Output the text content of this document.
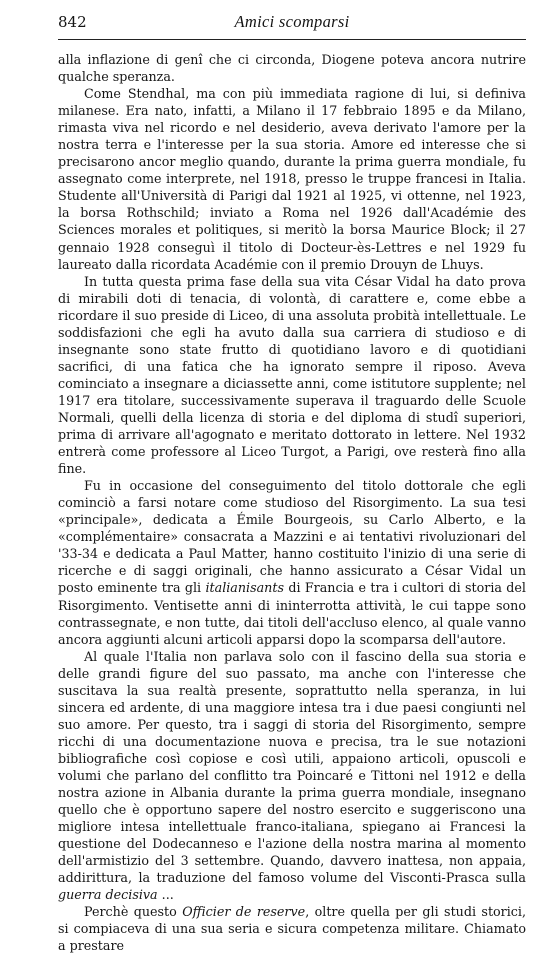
842	Amici scomparsi

alla inflazione di genî che ci circonda, Diogene poteva ancora nutrire qualche speranza.

Come Stendhal, ma con più immediata ragione di lui, si definiva milanese. Era nato, infatti, a Milano il 17 febbraio 1895 e da Milano, rimasta viva nel ricordo e nel desiderio, aveva derivato l'amore per la nostra terra e l'interesse per la sua storia. Amore ed interesse che si precisarono ancor meglio quando, durante la prima guerra mondiale, fu assegnato come interprete, nel 1918, presso le truppe francesi in Italia. Studente all'Università di Parigi dal 1921 al 1925, vi ottenne, nel 1923, la borsa Rothschild; inviato a Roma nel 1926 dall'Académie des Sciences morales et politiques, si meritò la borsa Maurice Block; il 27 gennaio 1928 conseguì il titolo di Docteur-ès-Lettres e nel 1929 fu laureato dalla ricordata Académie con il premio Drouyn de Lhuys.

In tutta questa prima fase della sua vita César Vidal ha dato prova di mirabili doti di tenacia, di volontà, di carattere e, come ebbe a ricordare il suo preside di Liceo, di una assoluta probità intellettuale. Le soddisfazioni che egli ha avuto dalla sua carriera di studioso e di insegnante sono state frutto di quotidiano lavoro e di quotidiani sacrifici, di una fatica che ha ignorato sempre il riposo. Aveva cominciato a insegnare a diciassette anni, come istitutore supplente; nel 1917 era titolare, successivamente superava il traguardo delle Scuole Normali, quelli della licenza di storia e del diploma di studî superiori, prima di arrivare all'agognato e meritato dottorato in lettere. Nel 1932 entrerà come professore al Liceo Turgot, a Parigi, ove resterà fino alla fine.

Fu in occasione del conseguimento del titolo dottorale che egli cominciò a farsi notare come studioso del Risorgimento. La sua tesi «principale», dedicata a Émile Bourgeois, su Carlo Alberto, e la «complémentaire» consacrata a Mazzini e ai tentativi rivoluzionari del '33-34 e dedicata a Paul Matter, hanno costituito l'inizio di una serie di ricerche e di saggi originali, che hanno assicurato a César Vidal un posto eminente tra gli italianisants di Francia e tra i cultori di storia del Risorgimento. Ventisette anni di ininterrotta attività, le cui tappe sono contrassegnate, e non tutte, dai titoli dell'accluso elenco, al quale vanno ancora aggiunti alcuni articoli apparsi dopo la scomparsa dell'autore.

Al quale l'Italia non parlava solo con il fascino della sua storia e delle grandi figure del suo passato, ma anche con l'interesse che suscitava la sua realtà presente, soprattutto nella speranza, in lui sincera ed ardente, di una maggiore intesa tra i due paesi congiunti nel suo amore. Per questo, tra i saggi di storia del Risorgimento, sempre ricchi di una documentazione nuova e precisa, tra le sue notazioni bibliografiche così copiose e così utili, appaiono articoli, opuscoli e volumi che parlano del conflitto tra Poincaré e Tittoni nel 1912 e della nostra azione in Albania durante la prima guerra mondiale, insegnano quello che è opportuno sapere del nostro esercito e suggeriscono una migliore intesa intellettuale franco-italiana, spiegano ai Francesi la questione del Dodecanneso e l'azione della nostra marina al momento dell'armistizio del 3 settembre. Quando, davvero inattesa, non appaia, addirittura, la traduzione del famoso volume del Visconti-Prasca sulla guerra decisiva ...

Perchè questo Officier de reserve, oltre quella per gli studi storici, si compiaceva di una sua seria e sicura competenza militare. Chiamato a prestare
